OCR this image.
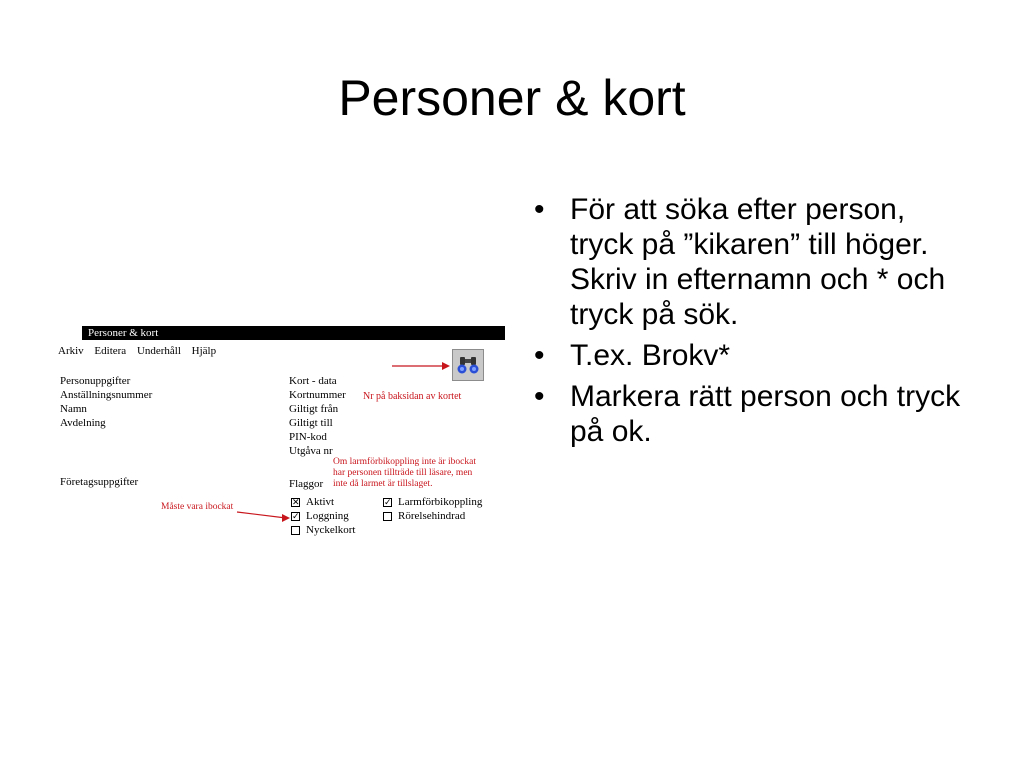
Personer & kort
Personer & kort
Arkiv Editera Underhåll Hjälp
Personuppgifter
Anställningsnummer
Namn
Avdelning
Företagsuppgifter
Kort - data
Kortnummer Nr på baksidan av kortet
Giltigt från
Giltigt till
PIN-kod
Utgåva nr
Om larmförbikoppling inte är ibockat
har personen tillträde till läsare, men
inte då larmet är tillslaget.
Flaggor
Måste vara ibockat	✕ Aktivt
✓ Loggning
Nyckelkort
✓ Larmförbikoppling
Rörelsehindrad
• För att söka efter person, tryck på ”kikaren” till höger. Skriv in efternamn och * och tryck på sök.
• T.ex. Brokv*
• Markera rätt person och tryck på ok.
